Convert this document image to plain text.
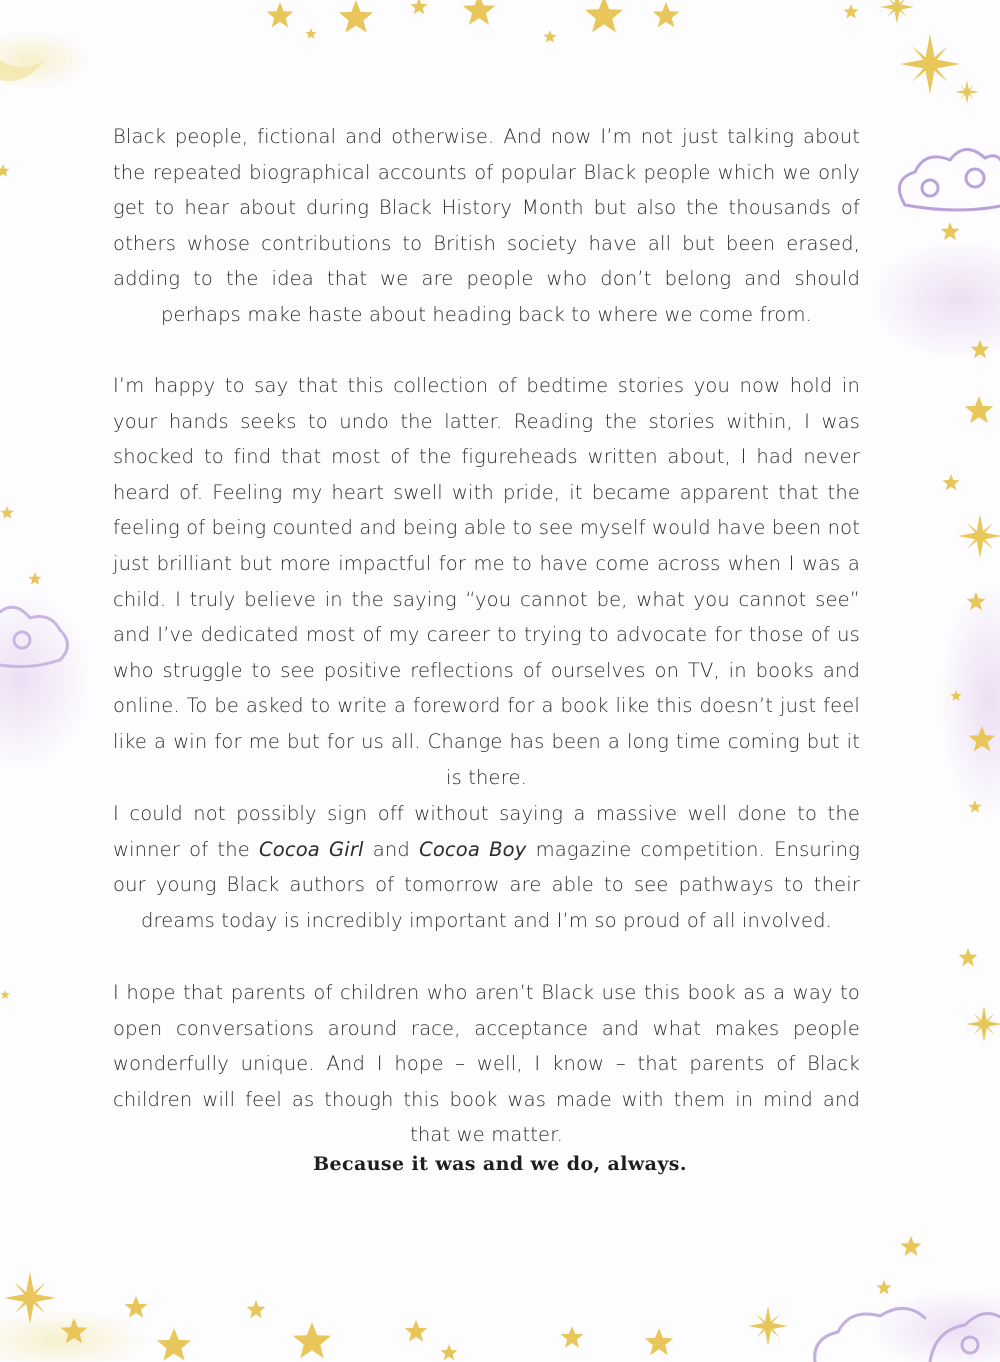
Black people, fictional and otherwise. And now I’m not just talking about the repeated biographical accounts of popular Black people which we only get to hear about during Black History Month but also the thousands of others whose contributions to British society have all but been erased, adding to the idea that we are people who don’t belong and should perhaps make haste about heading back to where we come from.

I’m happy to say that this collection of bedtime stories you now hold in your hands seeks to undo the latter. Reading the stories within, I was shocked to find that most of the figureheads written about, I had never heard of. Feeling my heart swell with pride, it became apparent that the feeling of being counted and being able to see myself would have been not just brilliant but more impactful for me to have come across when I was a child. I truly believe in the saying “you cannot be, what you cannot see” and I’ve dedicated most of my career to trying to advocate for those of us who struggle to see positive reflections of ourselves on TV, in books and online. To be asked to write a foreword for a book like this doesn’t just feel like a win for me but for us all. Change has been a long time coming but it is there.

I could not possibly sign off without saying a massive well done to the winner of the Cocoa Girl and Cocoa Boy magazine competition. Ensuring our young Black authors of tomorrow are able to see pathways to their dreams today is incredibly important and I’m so proud of all involved.

I hope that parents of children who aren’t Black use this book as a way to open conversations around race, acceptance and what makes people wonderfully unique. And I hope – well, I know – that parents of Black children will feel as though this book was made with them in mind and that we matter.

Because it was and we do, always.
